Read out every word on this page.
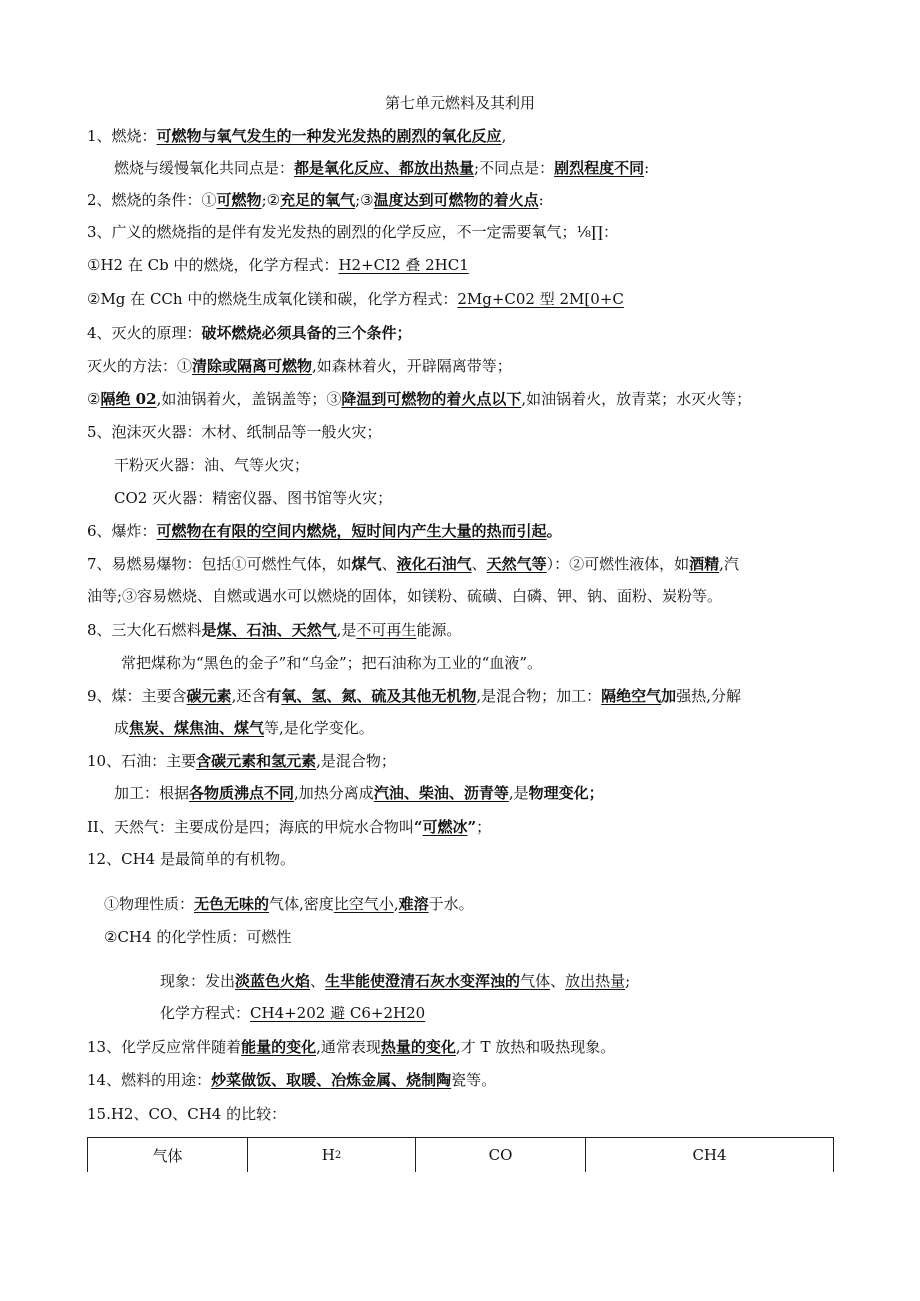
第七单元燃料及其利用
1、燃烧：可燃物与氧气发生的一种发光发热的剧烈的氧化反应,
燃烧与缓慢氧化共同点是：都是氧化反应、都放出热量;不同点是：剧烈程度不同:
2、燃烧的条件：①可燃物;②充足的氧气;③温度达到可燃物的着火点:
3、广义的燃烧指的是伴有发光发热的剧烈的化学反应，不一定需要氧气；⅛∏：
①H2 在 Cb 中的燃烧，化学方程式：H2+CI2 叠 2HC1
②Mg 在 CCh 中的燃烧生成氧化镁和碳，化学方程式：2Mg+C02 型 2M[0+C
4、灭火的原理：破坏燃烧必须具备的三个条件；
灭火的方法：①清除或隔离可燃物,如森林着火，开辟隔离带等；
②隔绝 02,如油锅着火，盖锅盖等；③降温到可燃物的着火点以下,如油锅着火，放青菜；水灭火等；
5、泡沫灭火器：木材、纸制品等一般火灾；
干粉灭火器：油、气等火灾；
CO2 灭火器：精密仪器、图书馆等火灾；
6、爆炸：可燃物在有限的空间内燃烧，短时间内产生大量的热而引起。
7、易燃易爆物：包括①可燃性气体，如煤气、液化石油气、天然气等）：②可燃性液体，如酒精,汽
油等;③容易燃烧、自燃或遇水可以燃烧的固体，如镁粉、硫磺、白磷、钾、钠、面粉、炭粉等。
8、三大化石燃料是煤、石油、天然气,是不可再生能源。
常把煤称为“黑色的金子”和“乌金”；把石油称为工业的“血液”。
9、煤：主要含碳元素,还含有氧、氢、氮、硫及其他无机物,是混合物；加工：隔绝空气加强热,分解
成焦炭、煤焦油、煤气等,是化学变化。
10、石油：主要含碳元素和氢元素,是混合物；
加工：根据各物质沸点不同,加热分离成汽油、柴油、沥青等,是物理变化；
II、天然气：主要成份是四；海底的甲烷水合物叫“可燃冰”；
12、CH4 是最简单的有机物。
①物理性质：无色无味的气体,密度比空气小,难溶于水。
②CH4 的化学性质：可燃性
现象：发出淡蓝色火焰、生芈能使澄清石灰水变浑浊的气体、放出热量;
化学方程式：CH4+202 避 C6+2H20
13、化学反应常伴随着能量的变化,通常表现热量的变化,才 T 放热和吸热现象。
14、燃料的用途：炒菜做饭、取暖、冶炼金属、烧制陶瓷等。
15.H2、CO、CH4 的比较：
气体	H 2	CO	CH4
